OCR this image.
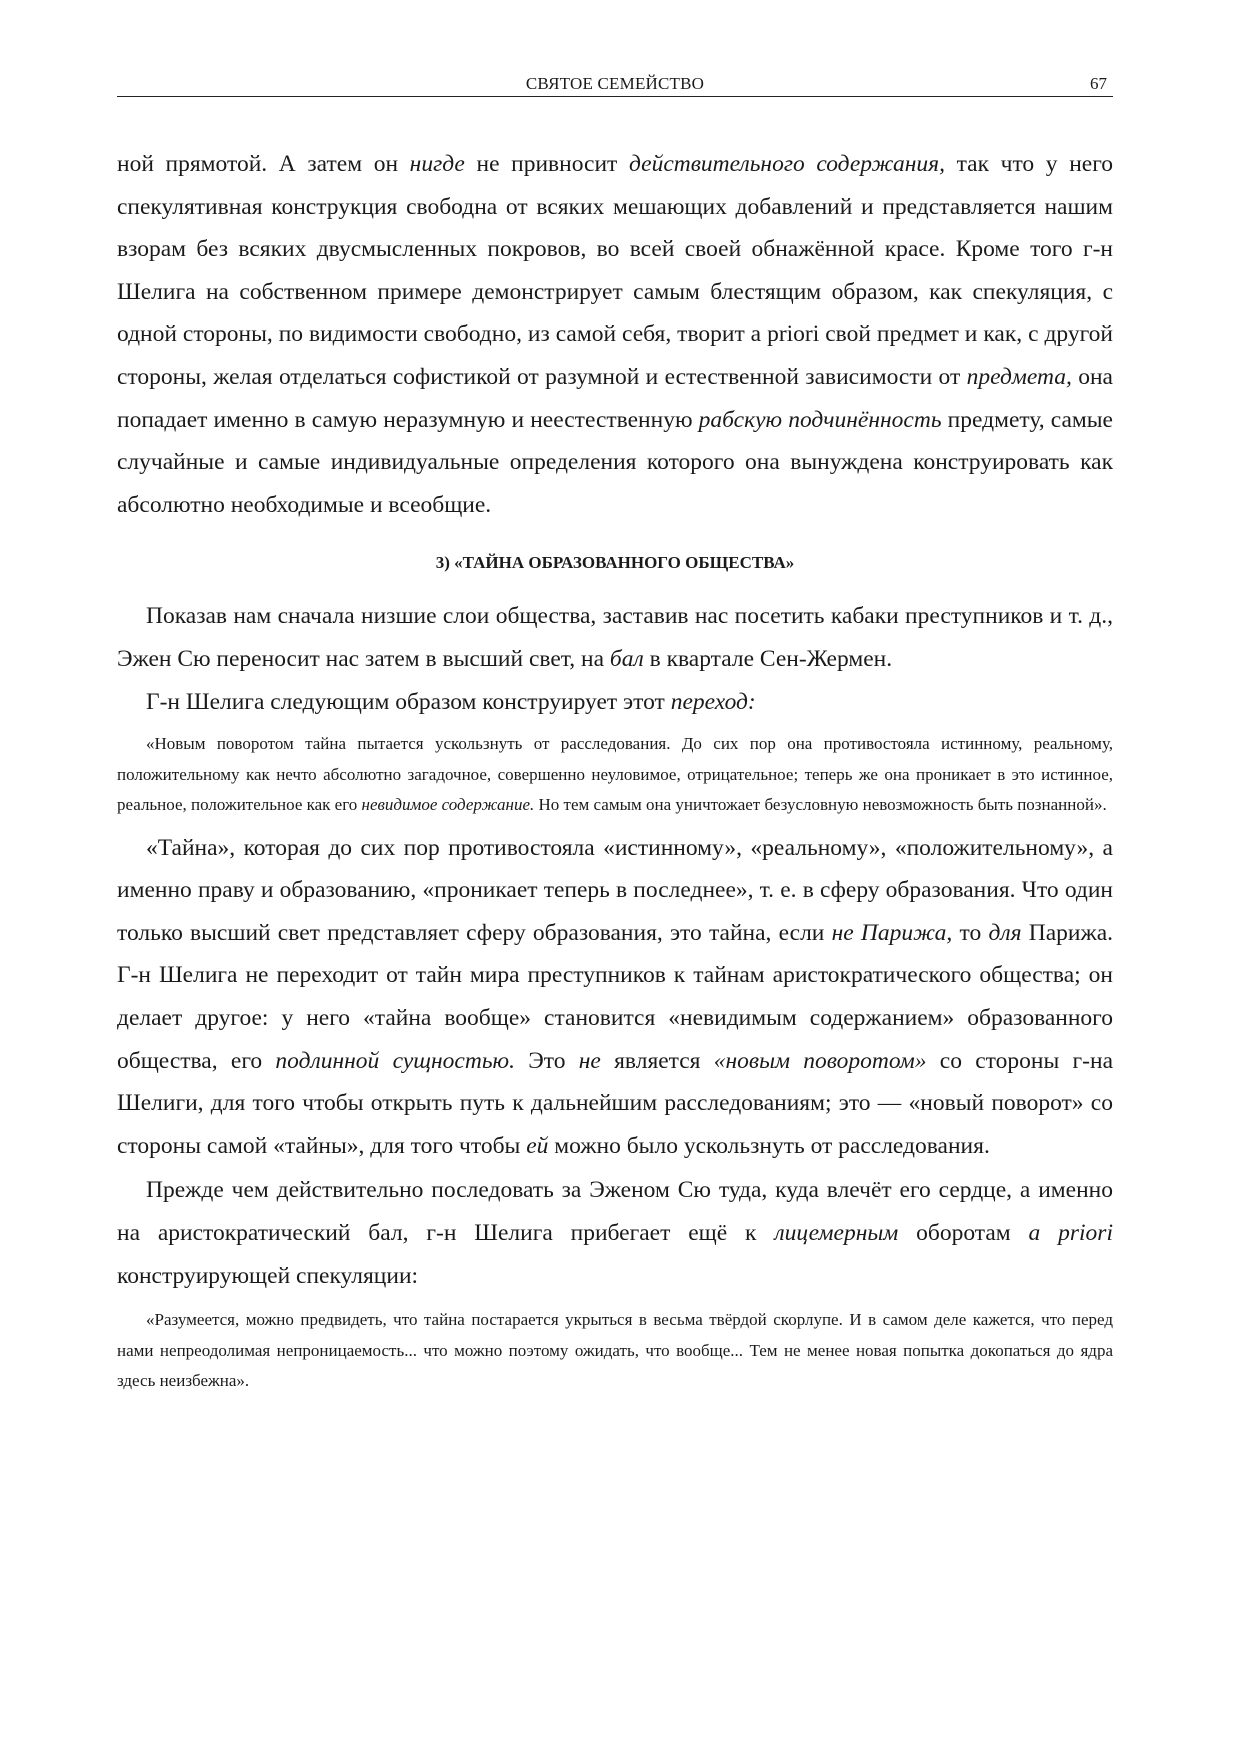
СВЯТОЕ СЕМЕЙСТВО	67

ной прямотой. А затем он нигде не привносит действительного содержания, так что у него спекулятивная конструкция свободна от всяких мешающих добавлений и представляется нашим взорам без всяких двусмысленных покровов, во всей своей обнажённой красе. Кроме того г-н Шелига на собственном примере демонстрирует самым блестящим образом, как спекуляция, с одной стороны, по видимости свободно, из самой себя, творит a priori свой предмет и как, с другой стороны, желая отделаться софистикой от разумной и естественной зависимости от предмета, она попадает именно в самую неразумную и неестественную рабскую подчинённость предмету, самые случайные и самые индивидуальные определения которого она вынуждена конструировать как абсолютно необходимые и всеобщие.

3) «ТАЙНА ОБРАЗОВАННОГО ОБЩЕСТВА»

Показав нам сначала низшие слои общества, заставив нас посетить кабаки преступников и т. д., Эжен Сю переносит нас затем в высший свет, на бал в квартале Сен-Жермен.

Г-н Шелига следующим образом конструирует этот переход:

«Новым поворотом тайна пытается ускользнуть от расследования. До сих пор она противостояла истинному, реальному, положительному как нечто абсолютно загадочное, совершенно неуловимое, отрицательное; теперь же она проникает в это истинное, реальное, положительное как его невидимое содержание. Но тем самым она уничтожает безусловную невозможность быть познанной».

«Тайна», которая до сих пор противостояла «истинному», «реальному», «положительному», а именно праву и образованию, «проникает теперь в последнее», т. е. в сферу образования. Что один только высший свет представляет сферу образования, это тайна, если не Парижа, то для Парижа. Г-н Шелига не переходит от тайн мира преступников к тайнам аристократического общества; он делает другое: у него «тайна вообще» становится «невидимым содержанием» образованного общества, его подлинной сущностью. Это не является «новым поворотом» со стороны г-на Шелиги, для того чтобы открыть путь к дальнейшим расследованиям; это — «новый поворот» со стороны самой «тайны», для того чтобы ей можно было ускользнуть от расследования.

Прежде чем действительно последовать за Эженом Сю туда, куда влечёт его сердце, а именно на аристократический бал, г-н Шелига прибегает ещё к лицемерным оборотам a priori конструирующей спекуляции:

«Разумеется, можно предвидеть, что тайна постарается укрыться в весьма твёрдой скорлупе. И в самом деле кажется, что перед нами непреодолимая непроницаемость... что можно поэтому ожидать, что вообще... Тем не менее новая попытка докопаться до ядра здесь неизбежна».
